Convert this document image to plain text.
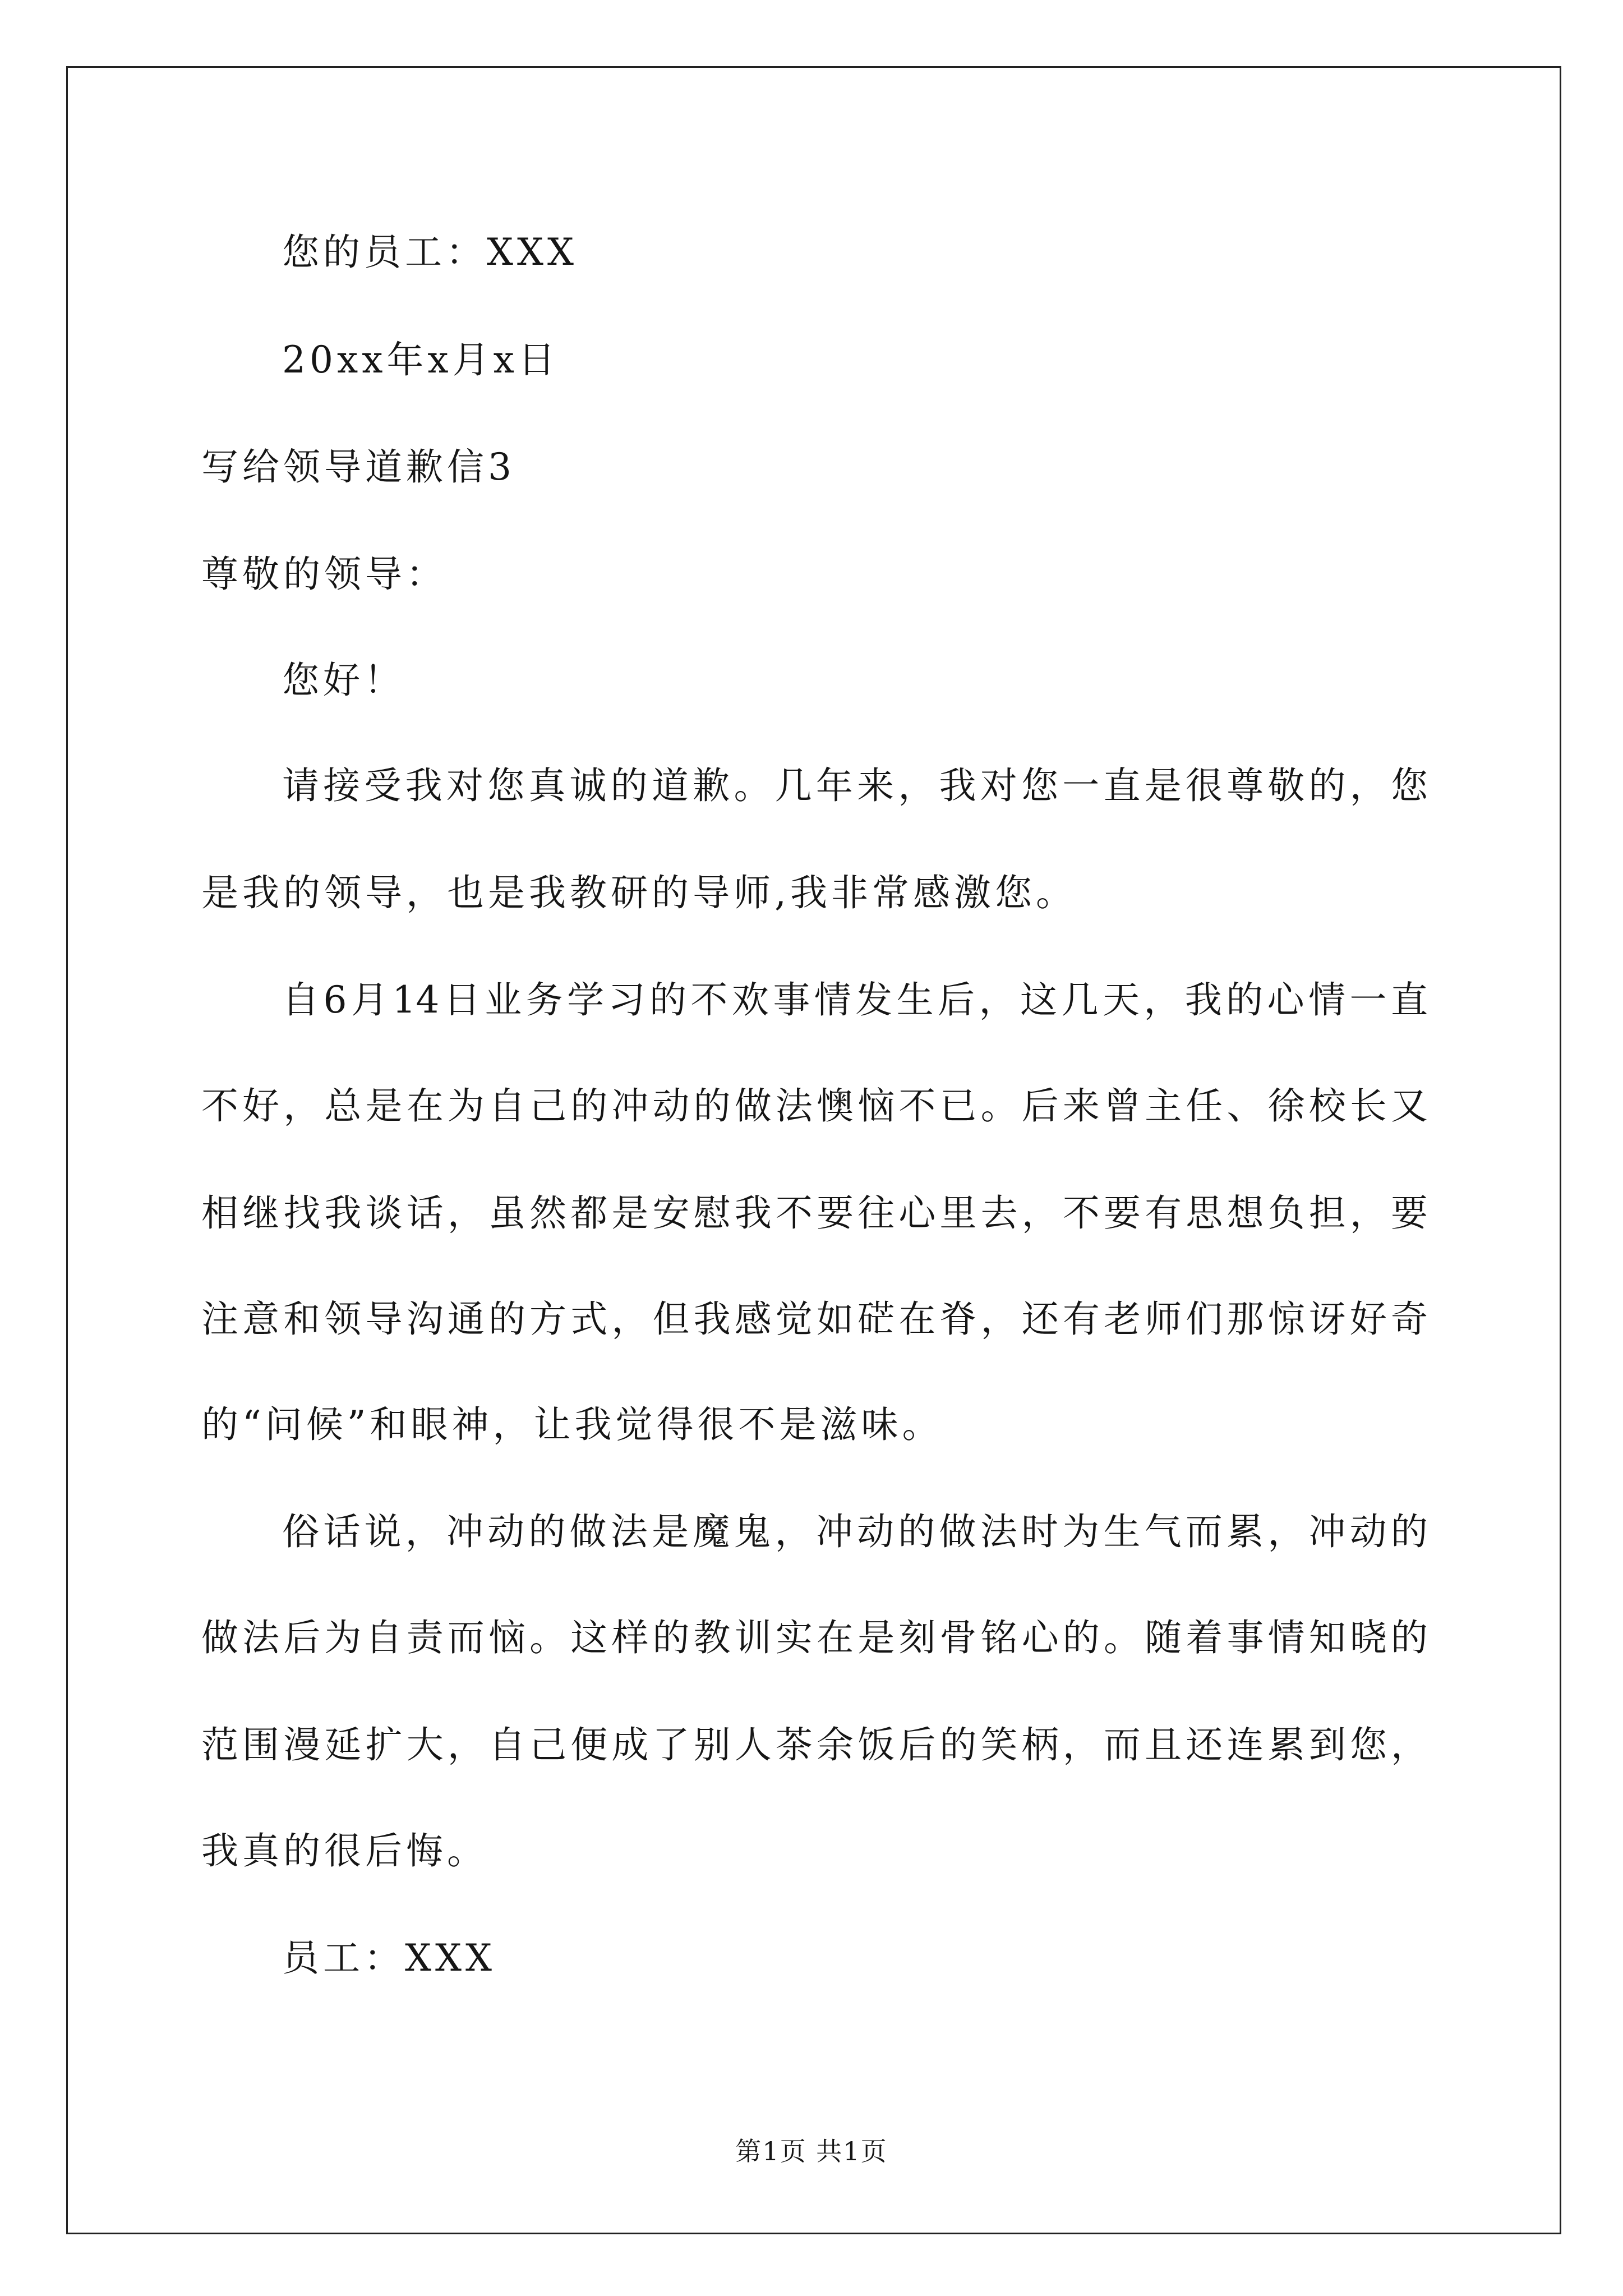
您的员工：XXX
20xx年x月x日
写给领导道歉信3
尊敬的领导：
您好！
请接受我对您真诚的道歉。几年来，我对您一直是很尊敬的，您
是我的领导，也是我教研的导师,我非常感激您。
自6月14日业务学习的不欢事情发生后，这几天，我的心情一直
不好，总是在为自己的冲动的做法懊恼不已。后来曾主任、徐校长又
相继找我谈话，虽然都是安慰我不要往心里去，不要有思想负担，要
注意和领导沟通的方式，但我感觉如硭在脊，还有老师们那惊讶好奇
的“问候”和眼神，让我觉得很不是滋味。
俗话说，冲动的做法是魔鬼，冲动的做法时为生气而累，冲动的
做法后为自责而恼。这样的教训实在是刻骨铭心的。随着事情知晓的
范围漫延扩大，自己便成了别人茶余饭后的笑柄，而且还连累到您，
我真的很后悔。
员工：XXX
第1页 共1页
